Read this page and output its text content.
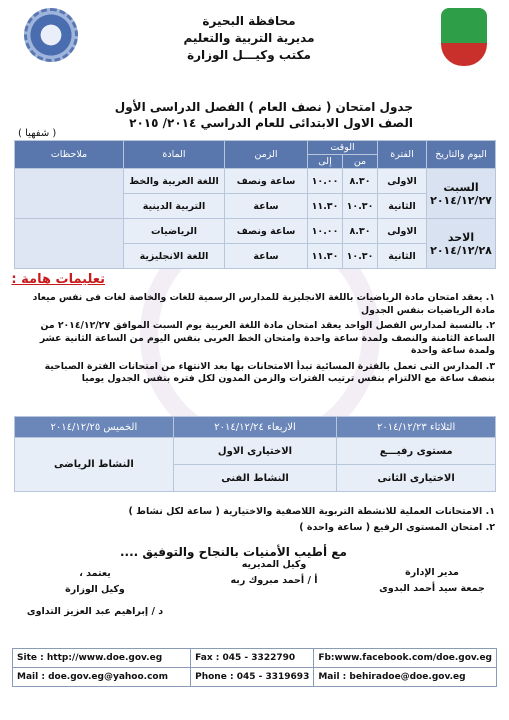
محافظة البحيرة
مديرية التربية والتعليم
مكتب وكيـــل الوزارة
جدول امتحان ( نصف العام ) الفصل الدراسى الأول
الصف الاول الابتدائى للعام الدراسي ٢٠١٤/ ٢٠١٥
( شفهيا )
اليوم والتاريخ	الفترة	الوقت		الزمن	المادة	ملاحظات
		من	إلى			

السبت
٢٠١٤/١٢/٢٧	الاولى	٨.٣٠	١٠.٠٠	ساعة ونصف	اللغة العربية والخط	
	الثانية	١٠.٣٠	١١.٣٠	ساعة	التربية الدينية	

الاحد
٢٠١٤/١٢/٢٨	الاولى	٨.٣٠	١٠.٠٠	ساعة ونصف	الرياضيات	
	الثانية	١٠.٣٠	١١.٣٠	ساعة	اللغة الانجليزية	
تعليمات هامة :

١. يعقد امتحان مادة الرياضيات باللغة الانجليزية للمدارس الرسمية للغات والخاصة لغات فى نفس ميعاد مادة الرياضيات بنفس الجدول

٢. بالنسبة لمدارس الفصل الواحد يعقد امتحان مادة اللغة العربية يوم السبت الموافق ٢٠١٤/١٢/٢٧ من الساعة الثامنة والنصف ولمدة ساعة واحدة وامتحان الخط العربى بنفس اليوم من الساعة الثانية عشر ولمدة ساعة واحدة

٣. المدارس التى تعمل بالفترة المسائية تبدأ الامتحانات بها بعد الانتهاء من امتحانات الفترة الصباحية بنصف ساعة مع الالتزام بنفس ترتيب الفترات والزمن المدون لكل فتره بنفس الجدول يوميا

الثلاثاء ٢٠١٤/١٢/٢٣	الاربعاء ٢٠١٤/١٢/٢٤	الخميس ٢٠١٤/١٢/٢٥
مستوى رفيـــع	الاختيارى الاول	النشاط الرياضى
الاختيارى الثانى	النشاط الفنى	

١. الامتحانات العملية للانشطة التربوية اللاصفية والاختيارية ( ساعة لكل نشاط )

٢. امتحان المستوى الرفيع ( ساعة واحدة )

مع أطيب الأمنيات بالنجاح والتوفيق ....
مدير الإدارة
جمعة سيد أحمد البدوى
وكيل المديريه
أ / أحمد مبروك ربه
يعتمد ،
وكيل الوزارة
د / إبراهيم عبد العزيز التداوى
Site : http://www.doe.gov.eg	Fax : 045 - 3322790	Fb:www.facebook.com/doe.gov.eg
Mail : doe.gov.eg@yahoo.com	Phone : 045 - 3319693	Mail : behiradoe@doe.gov.eg
